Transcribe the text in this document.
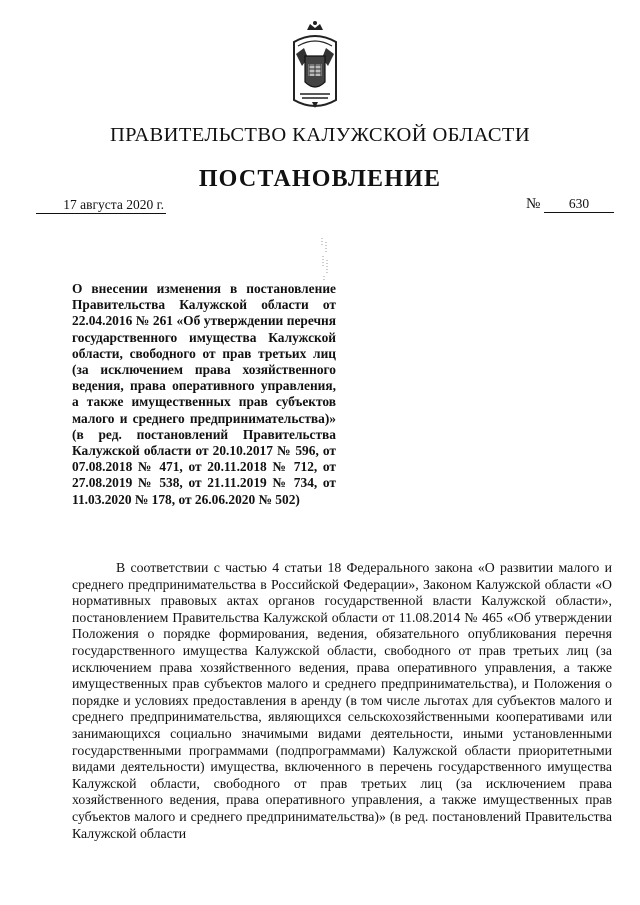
ПРАВИТЕЛЬСТВО КАЛУЖСКОЙ ОБЛАСТИ
ПОСТАНОВЛЕНИЕ
17 августа 2020 г.	№	630

О внесении изменения в постановление Правительства Калужской области от 22.04.2016 № 261 «Об утверждении перечня государственного имущества Калужской области, свободного от прав третьих лиц (за исключением права хозяйственного ведения, права оперативного управления, а также имущественных прав субъектов малого и среднего предпринимательства)» (в ред. постановлений Правительства Калужской области от 20.10.2017 № 596, от 07.08.2018 № 471, от 20.11.2018 № 712, от 27.08.2019 № 538, от 21.11.2019 № 734, от 11.03.2020 № 178, от 26.06.2020 № 502)

В соответствии с частью 4 статьи 18 Федерального закона «О развитии малого и среднего предпринимательства в Российской Федерации», Законом Калужской области «О нормативных правовых актах органов государственной власти Калужской области», постановлением Правительства Калужской области от 11.08.2014 № 465 «Об утверждении Положения о порядке формирования, ведения, обязательного опубликования перечня государственного имущества Калужской области, свободного от прав третьих лиц (за исключением права хозяйственного ведения, права оперативного управления, а также имущественных прав субъектов малого и среднего предпринимательства), и Положения о порядке и условиях предоставления в аренду (в том числе льготах для субъектов малого и среднего предпринимательства, являющихся сельскохозяйственными кооперативами или занимающихся социально значимыми видами деятельности, иными установленными государственными программами (подпрограммами) Калужской области приоритетными видами деятельности) имущества, включенного в перечень государственного имущества Калужской области, свободного от прав третьих лиц (за исключением права хозяйственного ведения, права оперативного управления, а также имущественных прав субъектов малого и среднего предпринимательства)» (в ред. постановлений Правительства Калужской области
